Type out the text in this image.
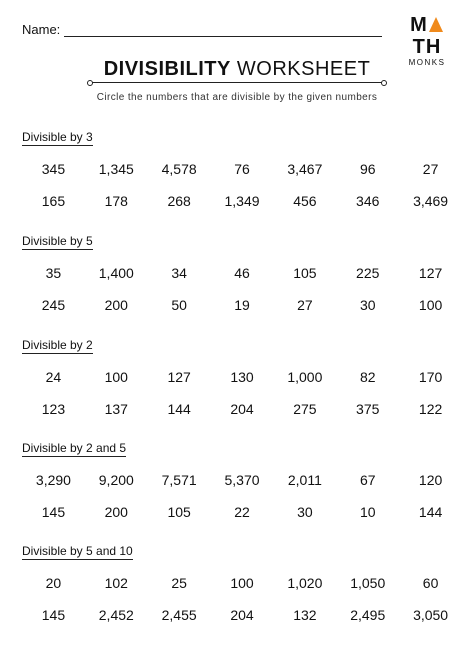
Name:	MTH
MONKS
DIVISIBILITY WORKSHEET
Circle the numbers that are divisible by the given numbers
Divisible by 3
345	1,345	4,578	76	3,467	96	27
165	178	268	1,349	456	346	3,469
Divisible by 5
35	1,400	34	46	105	225	127
245	200	50	19	27	30	100
Divisible by 2
24	100	127	130	1,000	82	170
123	137	144	204	275	375	122
Divisible by 2 and 5
3,290	9,200	7,571	5,370	2,011	67	120
145	200	105	22	30	10	144
Divisible by 5 and 10
20	102	25	100	1,020	1,050	60
145	2,452	2,455	204	132	2,495	3,050
